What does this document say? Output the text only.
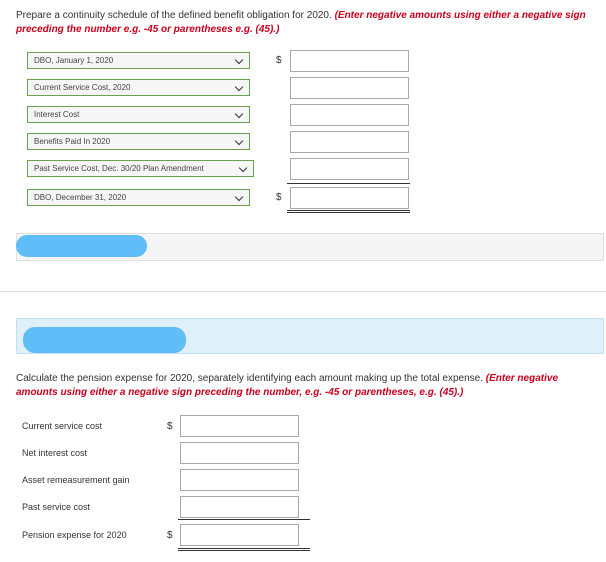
Prepare a continuity schedule of the defined benefit obligation for 2020. (Enter negative amounts using either a negative sign preceding the number e.g. -45 or parentheses e.g. (45).)
DBO, January 1, 2020	$
Current Service Cost, 2020
Interest Cost
Benefits Paid In 2020
Past Service Cost, Dec. 30/20 Plan Amendment
DBO, December 31, 2020	$
Calculate the pension expense for 2020, separately identifying each amount making up the total expense. (Enter negative amounts using either a negative sign preceding the number, e.g. -45 or parentheses, e.g. (45).)
Current service cost	$
Net interest cost
Asset remeasurement gain
Past service cost
Pension expense for 2020	$
